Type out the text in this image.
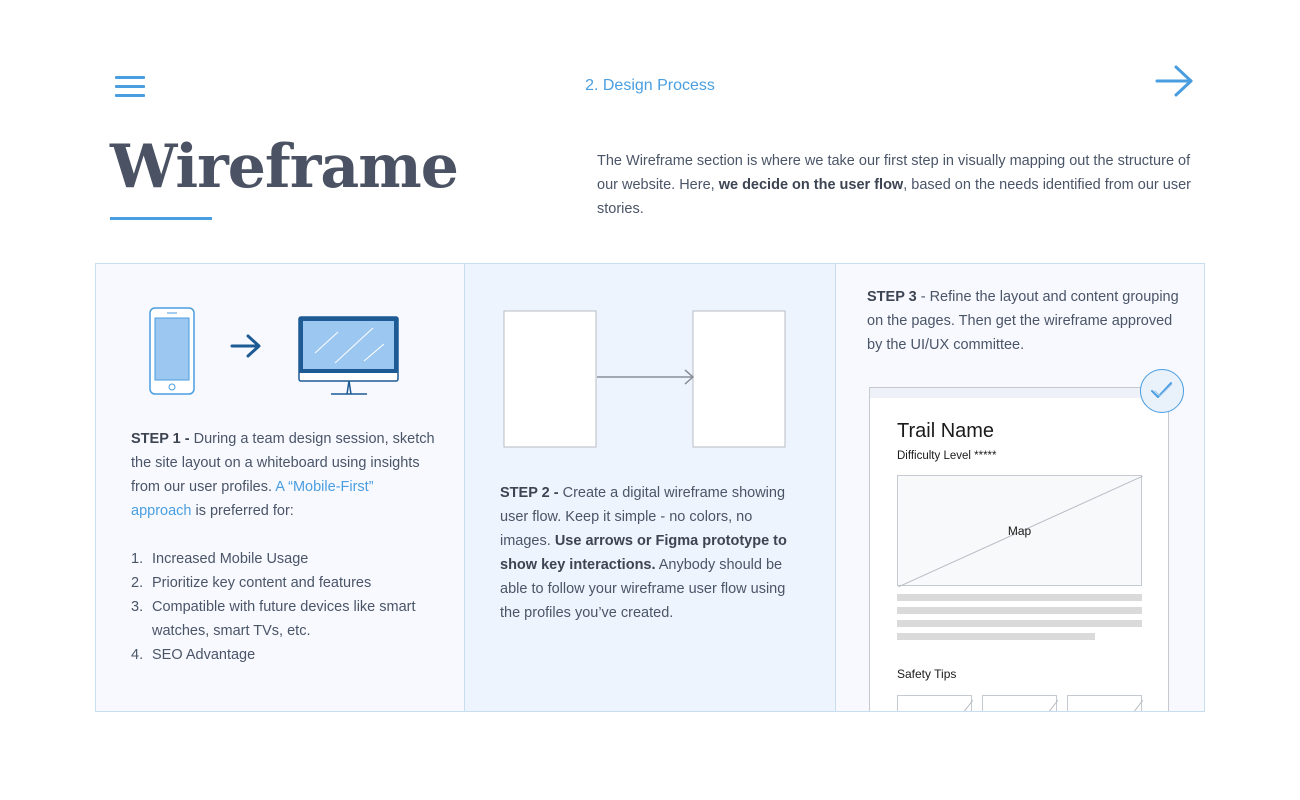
2. Design Process
Wireframe	The Wireframe section is where we take our first step in visually mapping out the structure of our website. Here, we decide on the user flow, based on the needs identified from our user stories.

STEP 1 - During a team design session, sketch the site layout on a whiteboard using insights from our user profiles. A “Mobile-First” approach is preferred for:

1. Increased Mobile Usage
2. Prioritize key content and features
3. Compatible with future devices like smart watches, smart TVs, etc.
4. SEO Advantage

STEP 2 - Create a digital wireframe showing user flow. Keep it simple - no colors, no images. Use arrows or Figma prototype to show key interactions. Anybody should be able to follow your wireframe user flow using the profiles you’ve created.

STEP 3 - Refine the layout and content grouping on the pages. Then get the wireframe approved by the UI/UX committee.

Trail Name
Difficulty Level *****
Map
Safety Tips
